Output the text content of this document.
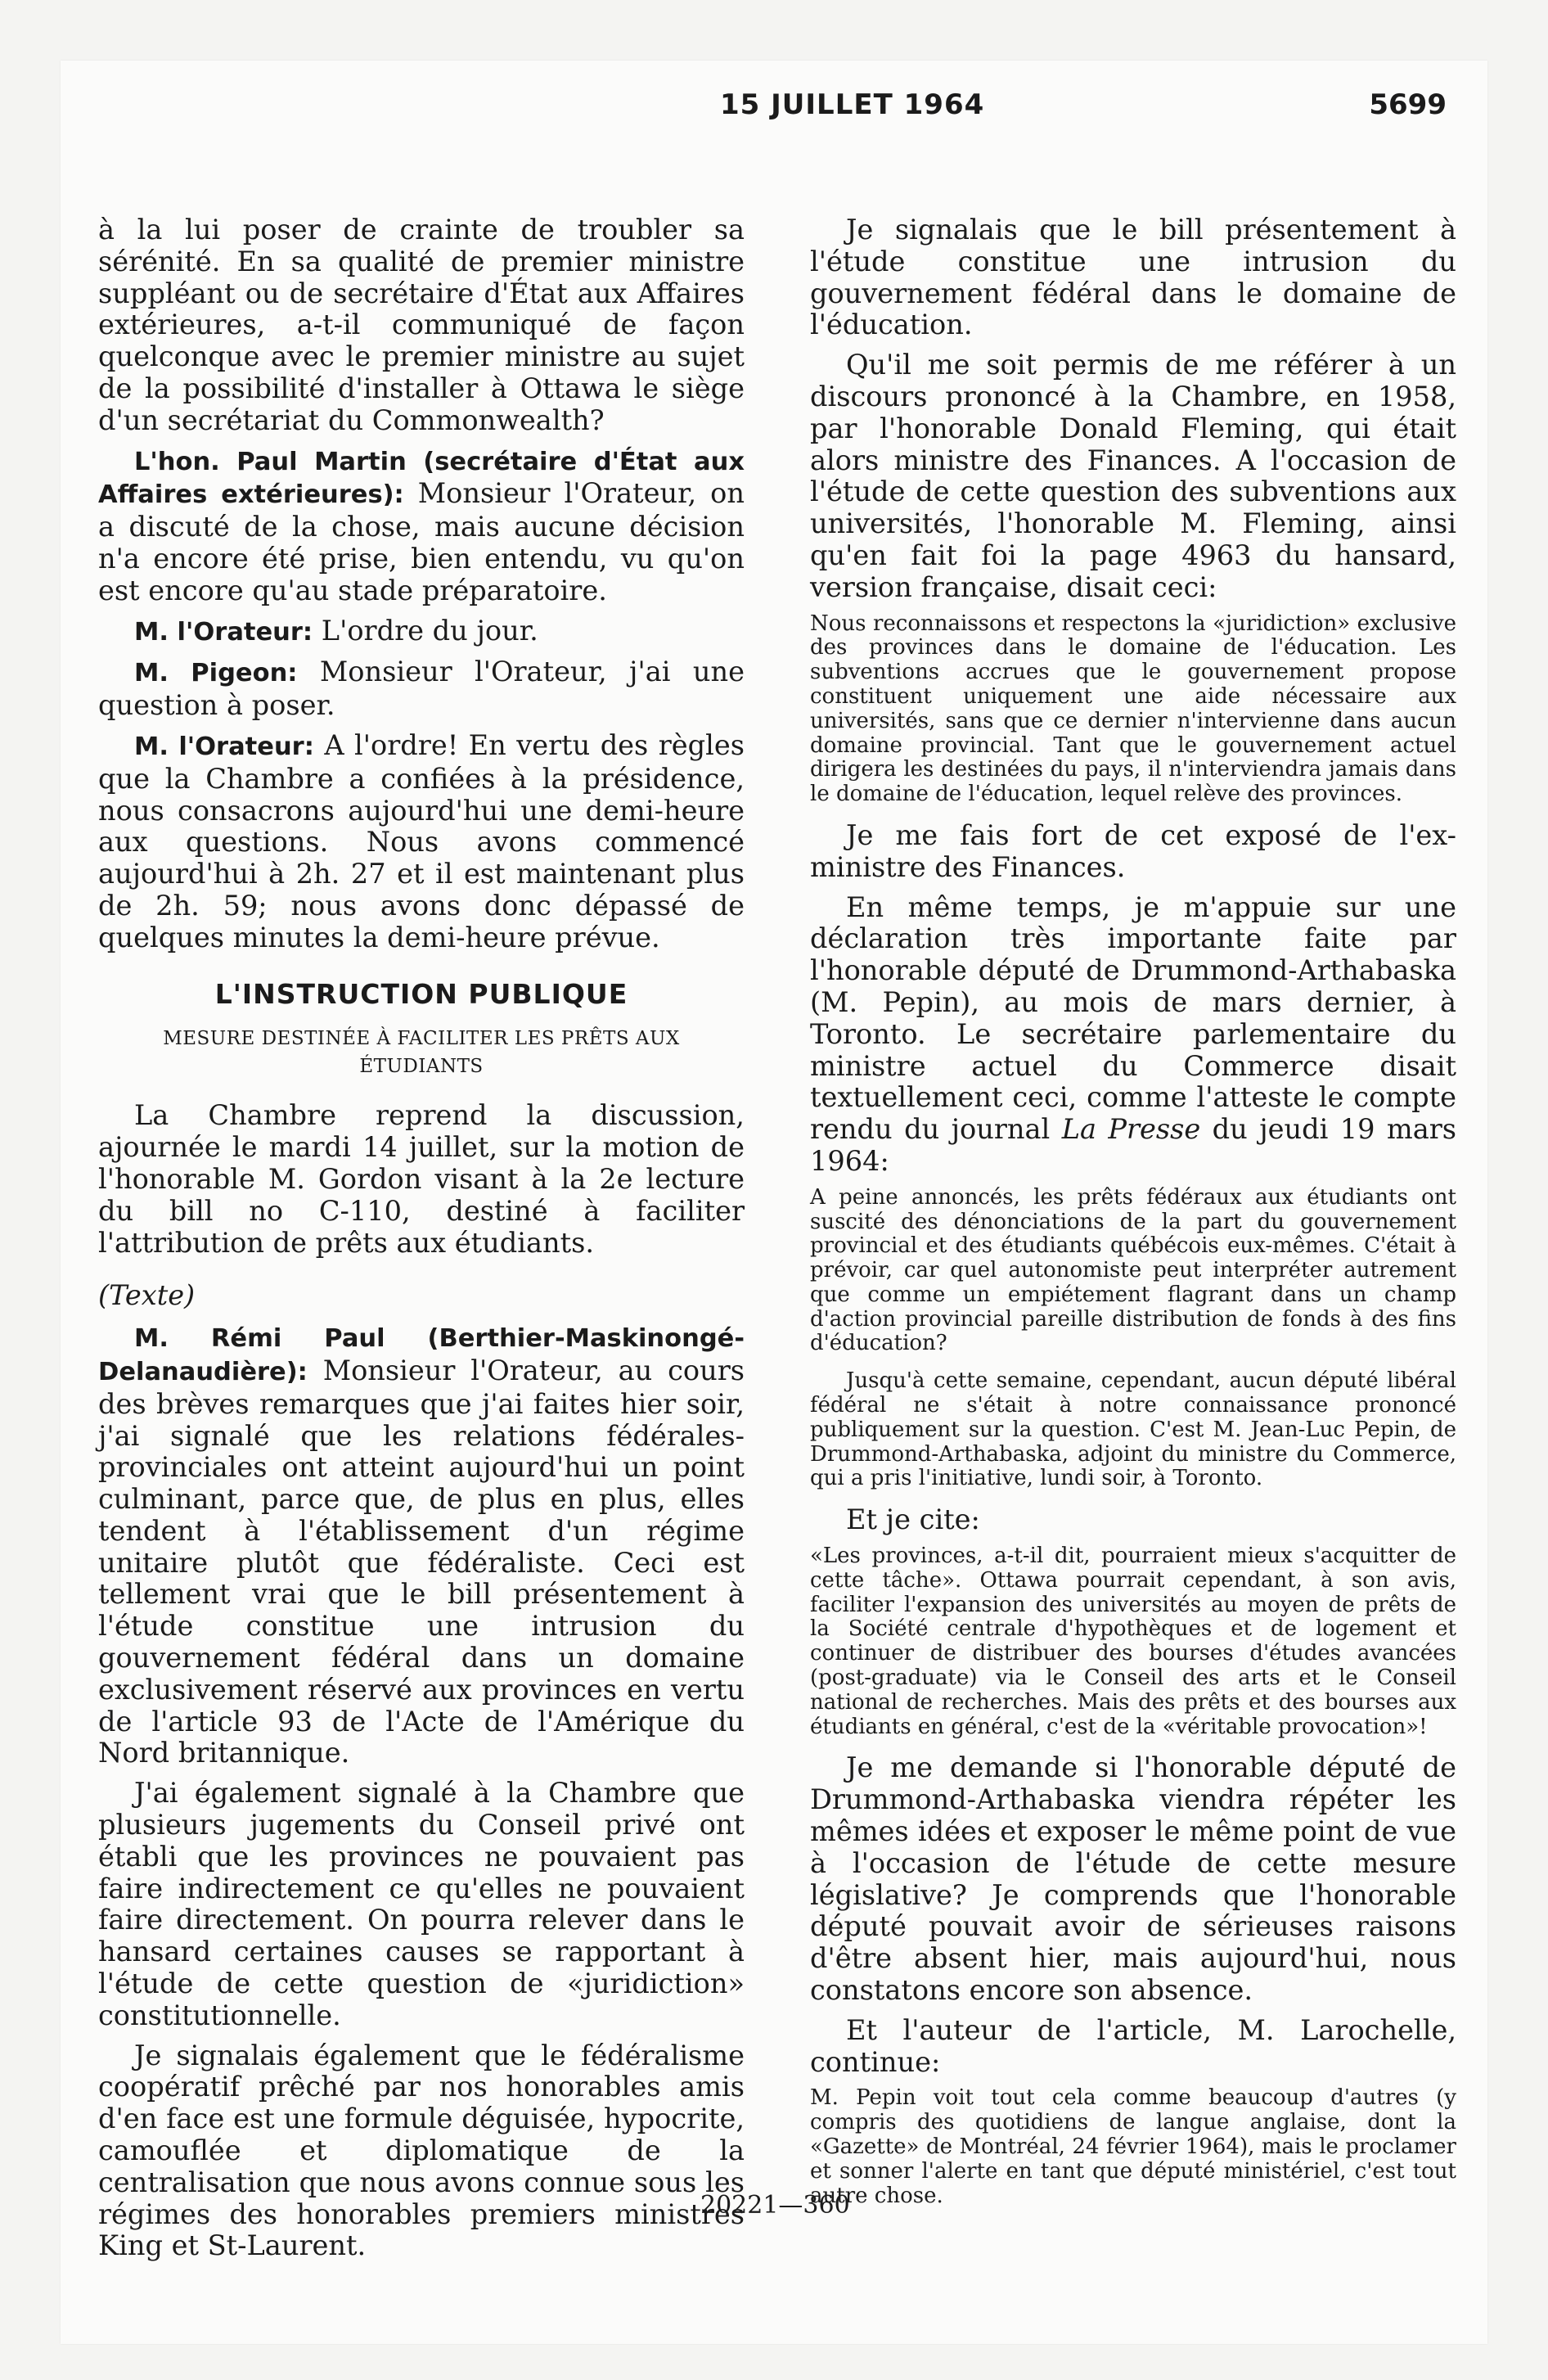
15 JUILLET 1964	5699

à la lui poser de crainte de troubler sa sérénité. En sa qualité de premier ministre suppléant ou de secrétaire d'État aux Affaires extérieures, a-t-il communiqué de façon quelconque avec le premier ministre au sujet de la possibilité d'installer à Ottawa le siège d'un secrétariat du Commonwealth?

L'hon. Paul Martin (secrétaire d'État aux Affaires extérieures): Monsieur l'Orateur, on a discuté de la chose, mais aucune décision n'a encore été prise, bien entendu, vu qu'on est encore qu'au stade préparatoire.

M. l'Orateur: L'ordre du jour.

M. Pigeon: Monsieur l'Orateur, j'ai une question à poser.

M. l'Orateur: A l'ordre! En vertu des règles que la Chambre a confiées à la présidence, nous consacrons aujourd'hui une demi-heure aux questions. Nous avons commencé aujourd'hui à 2h. 27 et il est maintenant plus de 2h. 59; nous avons donc dépassé de quelques minutes la demi-heure prévue.

L'INSTRUCTION PUBLIQUE
MESURE DESTINÉE À FACILITER LES PRÊTS AUX ÉTUDIANTS

La Chambre reprend la discussion, ajournée le mardi 14 juillet, sur la motion de l'honorable M. Gordon visant à la 2e lecture du bill no C-110, destiné à faciliter l'attribution de prêts aux étudiants.

(Texte)

M. Rémi Paul (Berthier-Maskinongé-Delanaudière): Monsieur l'Orateur, au cours des brèves remarques que j'ai faites hier soir, j'ai signalé que les relations fédérales-provinciales ont atteint aujourd'hui un point culminant, parce que, de plus en plus, elles tendent à l'établissement d'un régime unitaire plutôt que fédéraliste. Ceci est tellement vrai que le bill présentement à l'étude constitue une intrusion du gouvernement fédéral dans un domaine exclusivement réservé aux provinces en vertu de l'article 93 de l'Acte de l'Amérique du Nord britannique.

J'ai également signalé à la Chambre que plusieurs jugements du Conseil privé ont établi que les provinces ne pouvaient pas faire indirectement ce qu'elles ne pouvaient faire directement. On pourra relever dans le hansard certaines causes se rapportant à l'étude de cette question de «juridiction» constitutionnelle.

Je signalais également que le fédéralisme coopératif prêché par nos honorables amis d'en face est une formule déguisée, hypocrite, camouflée et diplomatique de la centralisation que nous avons connue sous les régimes des honorables premiers ministres King et St-Laurent.

Je signalais que le bill présentement à l'étude constitue une intrusion du gouvernement fédéral dans le domaine de l'éducation.

Qu'il me soit permis de me référer à un discours prononcé à la Chambre, en 1958, par l'honorable Donald Fleming, qui était alors ministre des Finances. A l'occasion de l'étude de cette question des subventions aux universités, l'honorable M. Fleming, ainsi qu'en fait foi la page 4963 du hansard, version française, disait ceci:

Nous reconnaissons et respectons la «juridiction» exclusive des provinces dans le domaine de l'éducation. Les subventions accrues que le gouvernement propose constituent uniquement une aide nécessaire aux universités, sans que ce dernier n'intervienne dans aucun domaine provincial. Tant que le gouvernement actuel dirigera les destinées du pays, il n'interviendra jamais dans le domaine de l'éducation, lequel relève des provinces.

Je me fais fort de cet exposé de l'ex-ministre des Finances.

En même temps, je m'appuie sur une déclaration très importante faite par l'honorable député de Drummond-Arthabaska (M. Pepin), au mois de mars dernier, à Toronto. Le secrétaire parlementaire du ministre actuel du Commerce disait textuellement ceci, comme l'atteste le compte rendu du journal La Presse du jeudi 19 mars 1964:

A peine annoncés, les prêts fédéraux aux étudiants ont suscité des dénonciations de la part du gouvernement provincial et des étudiants québécois eux-mêmes. C'était à prévoir, car quel autonomiste peut interpréter autrement que comme un empiétement flagrant dans un champ d'action provincial pareille distribution de fonds à des fins d'éducation?

Jusqu'à cette semaine, cependant, aucun député libéral fédéral ne s'était à notre connaissance prononcé publiquement sur la question. C'est M. Jean-Luc Pepin, de Drummond-Arthabaska, adjoint du ministre du Commerce, qui a pris l'initiative, lundi soir, à Toronto.

Et je cite:

«Les provinces, a-t-il dit, pourraient mieux s'acquitter de cette tâche». Ottawa pourrait cependant, à son avis, faciliter l'expansion des universités au moyen de prêts de la Société centrale d'hypothèques et de logement et continuer de distribuer des bourses d'études avancées (post-graduate) via le Conseil des arts et le Conseil national de recherches. Mais des prêts et des bourses aux étudiants en général, c'est de la «véritable provocation»!

Je me demande si l'honorable député de Drummond-Arthabaska viendra répéter les mêmes idées et exposer le même point de vue à l'occasion de l'étude de cette mesure législative? Je comprends que l'honorable député pouvait avoir de sérieuses raisons d'être absent hier, mais aujourd'hui, nous constatons encore son absence.

Et l'auteur de l'article, M. Larochelle, continue:

M. Pepin voit tout cela comme beaucoup d'autres (y compris des quotidiens de langue anglaise, dont la «Gazette» de Montréal, 24 février 1964), mais le proclamer et sonner l'alerte en tant que député ministériel, c'est tout autre chose.

20221—360
